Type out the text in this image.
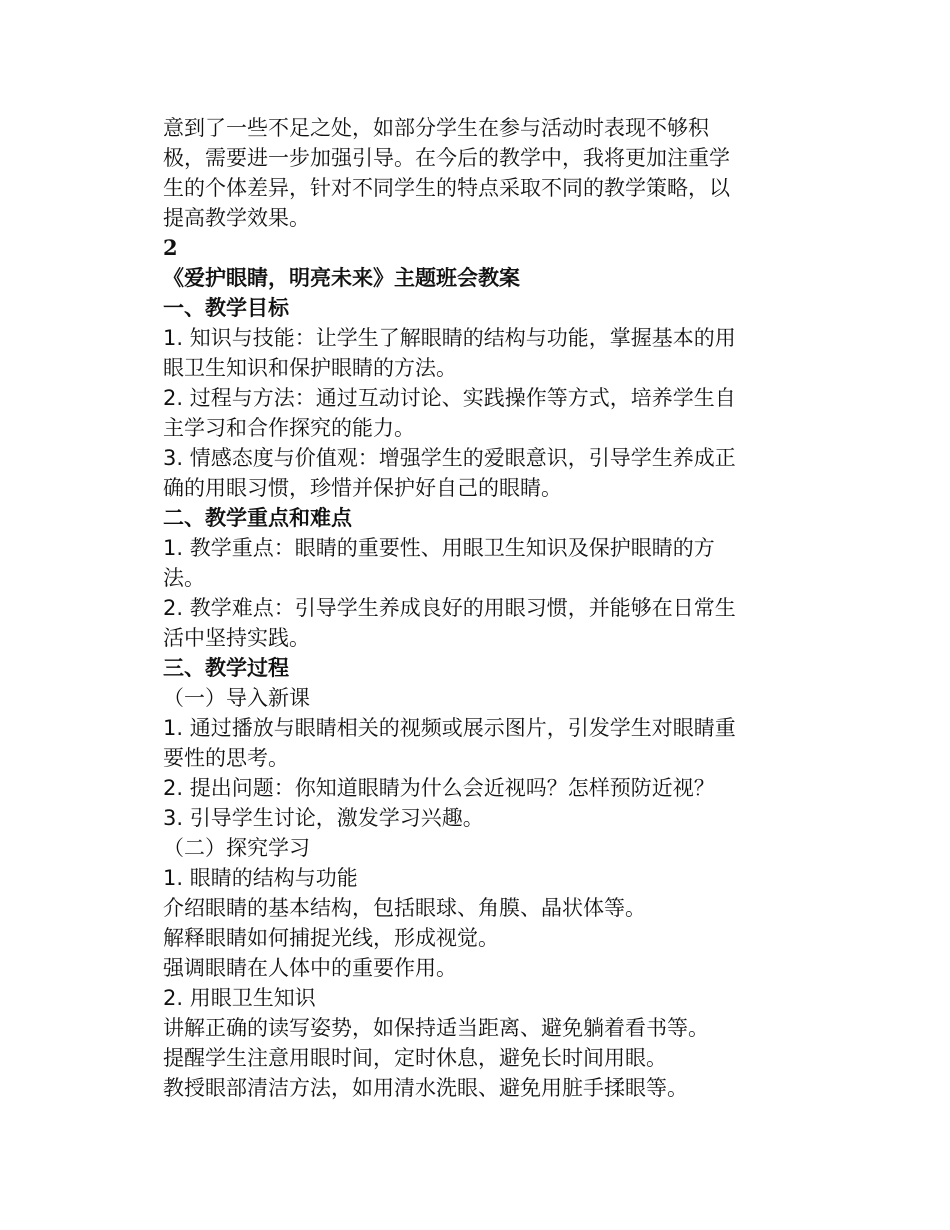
意到了一些不足之处，如部分学生在参与活动时表现不够积
极，需要进一步加强引导。在今后的教学中，我将更加注重学
生的个体差异，针对不同学生的特点采取不同的教学策略，以
提高教学效果。
2
《爱护眼睛，明亮未来》主题班会教案
一、教学目标
1. 知识与技能：让学生了解眼睛的结构与功能，掌握基本的用
眼卫生知识和保护眼睛的方法。
2. 过程与方法：通过互动讨论、实践操作等方式，培养学生自
主学习和合作探究的能力。
3. 情感态度与价值观：增强学生的爱眼意识，引导学生养成正
确的用眼习惯，珍惜并保护好自己的眼睛。
二、教学重点和难点
1. 教学重点：眼睛的重要性、用眼卫生知识及保护眼睛的方
法。
2. 教学难点：引导学生养成良好的用眼习惯，并能够在日常生
活中坚持实践。
三、教学过程
（一）导入新课
1. 通过播放与眼睛相关的视频或展示图片，引发学生对眼睛重
要性的思考。
2. 提出问题：你知道眼睛为什么会近视吗？怎样预防近视？
3. 引导学生讨论，激发学习兴趣。
（二）探究学习
1. 眼睛的结构与功能
介绍眼睛的基本结构，包括眼球、角膜、晶状体等。
解释眼睛如何捕捉光线，形成视觉。
强调眼睛在人体中的重要作用。
2. 用眼卫生知识
讲解正确的读写姿势，如保持适当距离、避免躺着看书等。
提醒学生注意用眼时间，定时休息，避免长时间用眼。
教授眼部清洁方法，如用清水洗眼、避免用脏手揉眼等。
